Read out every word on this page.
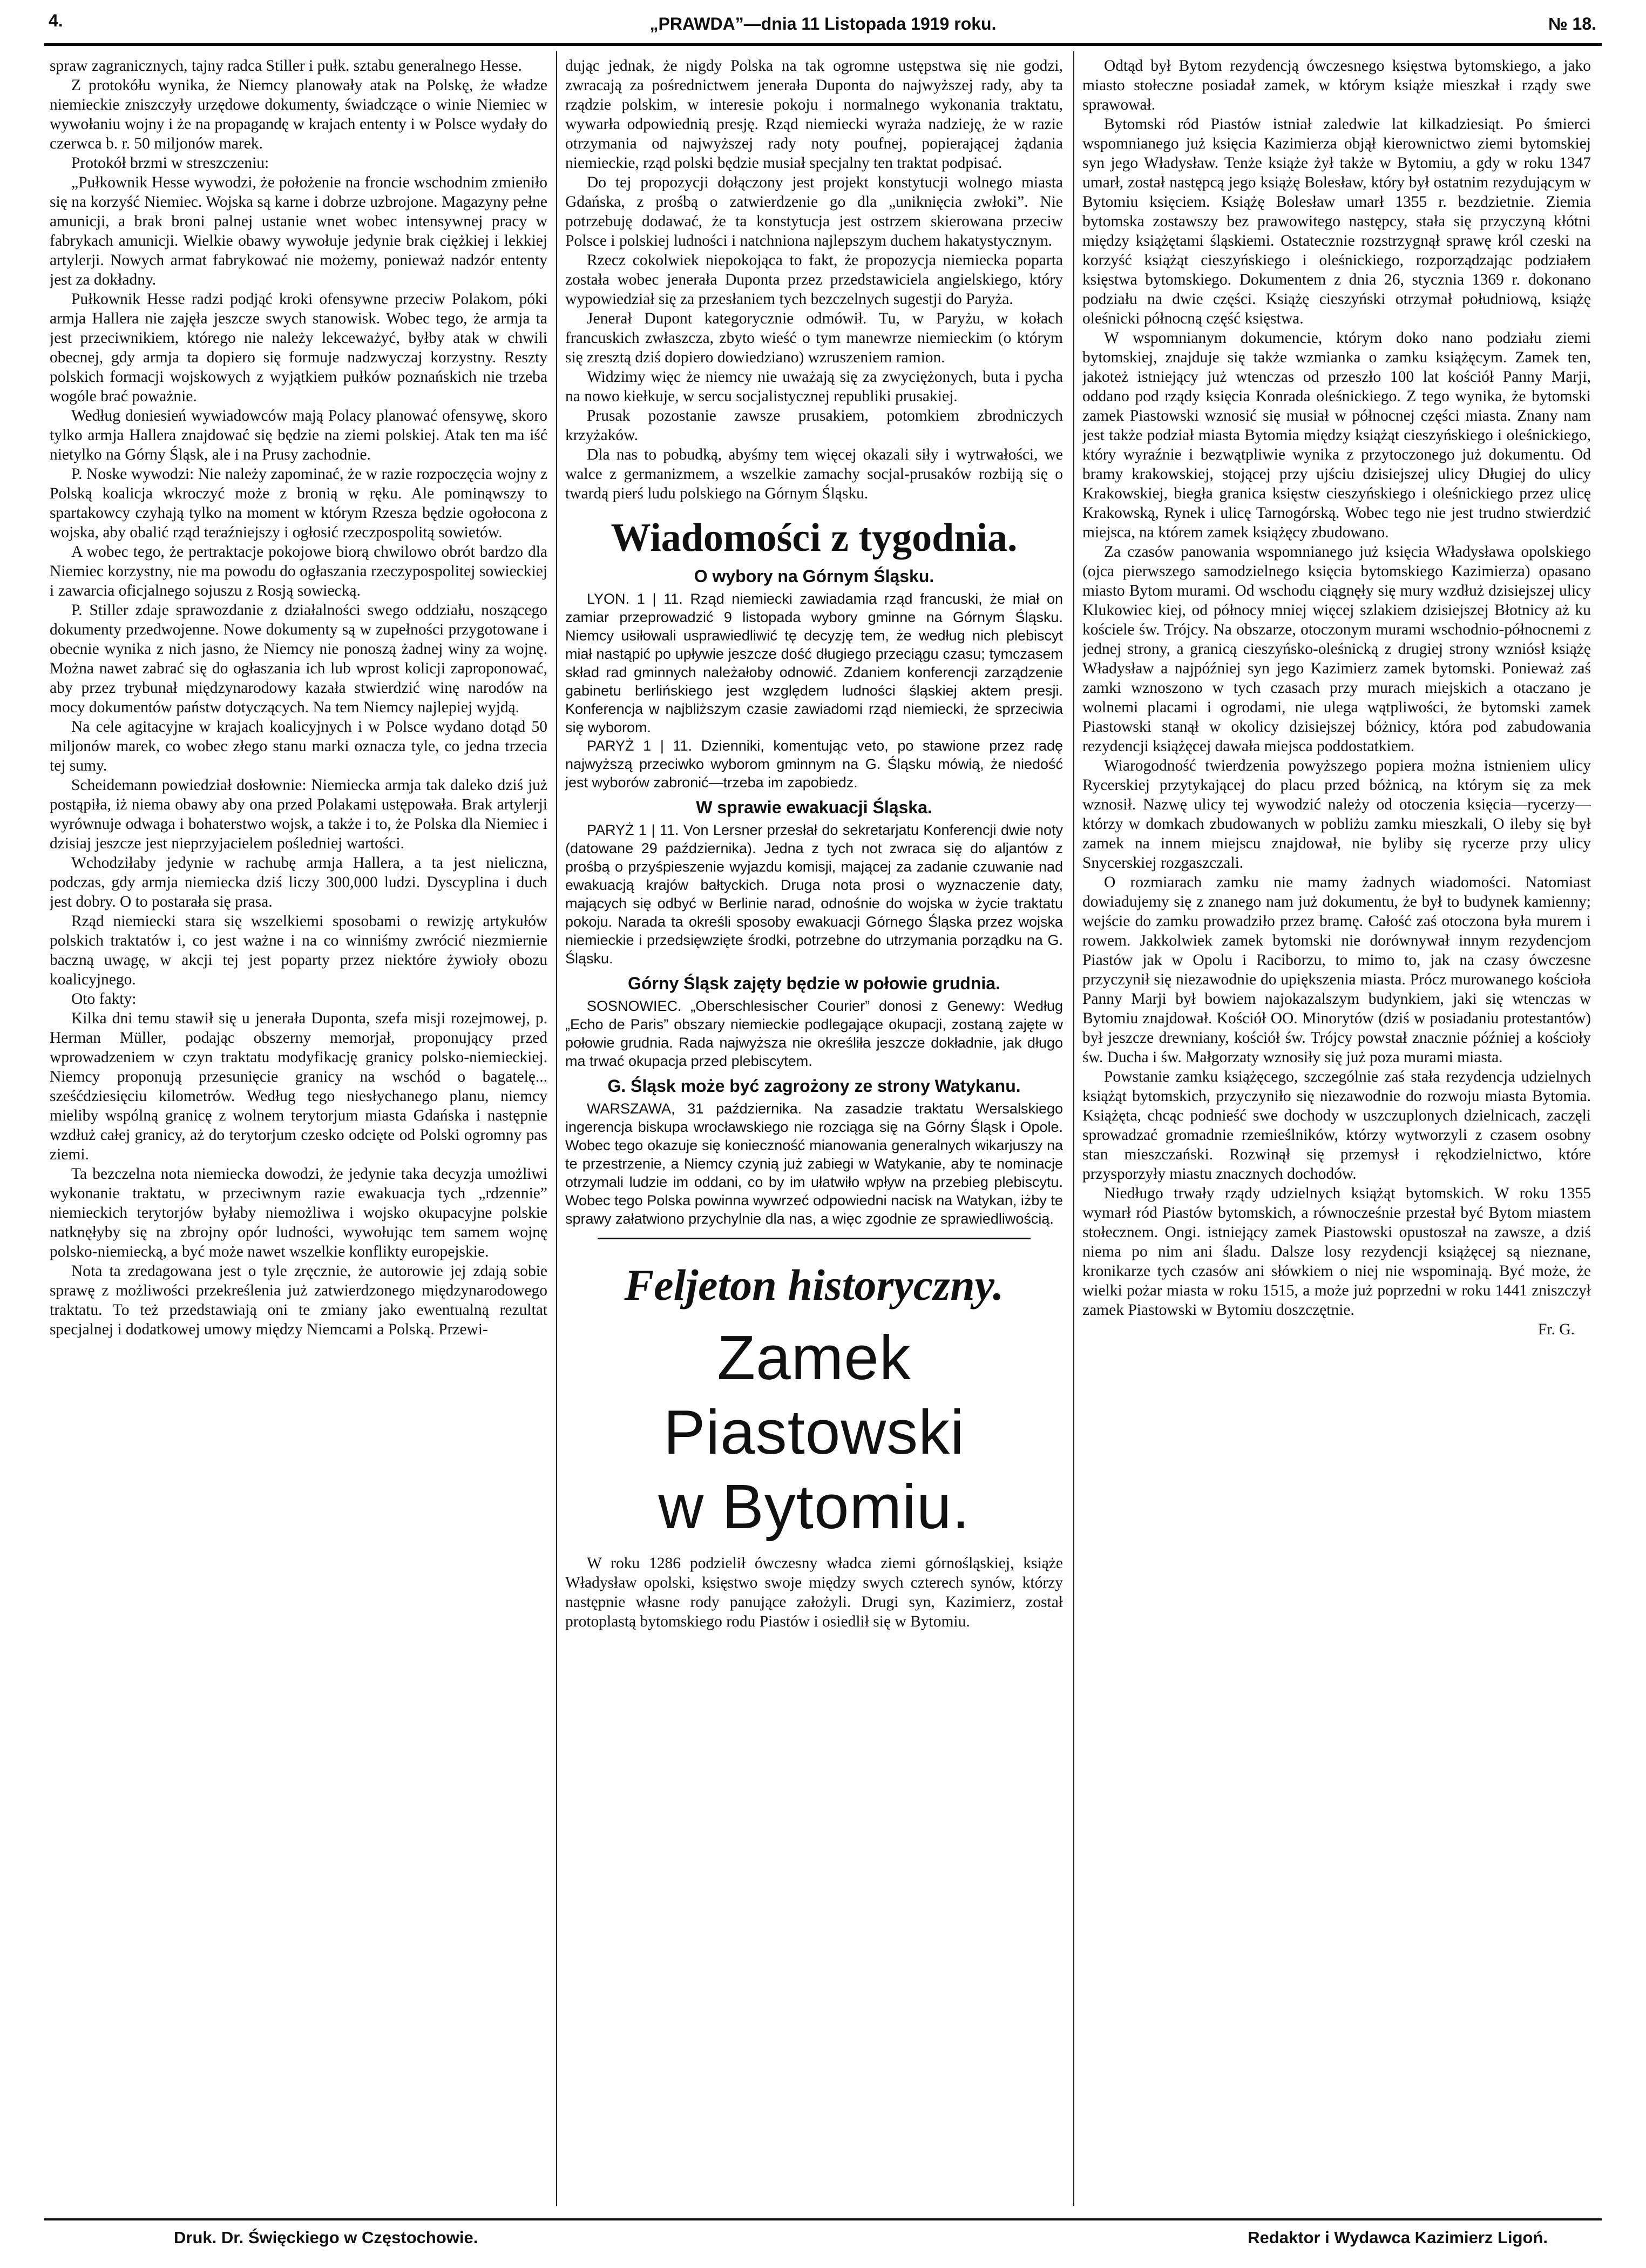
4.	„PRAWDA”—dnia 11 Listopada 1919 roku.	№ 18.

spraw zagranicznych, tajny radca Stiller i pułk. sztabu generalnego Hesse.

Z protokółu wynika, że Niemcy planowały atak na Polskę, że władze niemieckie zniszczyły urzędowe dokumenty, świadczące o winie Niemiec w wywołaniu wojny i że na propagandę w krajach ententy i w Polsce wydały do czerwca b. r. 50 miljonów marek.

Protokół brzmi w streszczeniu:

„Pułkownik Hesse wywodzi, że położenie na froncie wschodnim zmieniło się na korzyść Niemiec. Wojska są karne i dobrze uzbrojone. Magazyny pełne amunicji, a brak broni palnej ustanie wnet wobec intensywnej pracy w fabrykach amunicji. Wielkie obawy wywołuje jedynie brak ciężkiej i lekkiej artylerji. Nowych armat fabrykować nie możemy, ponieważ nadzór ententy jest za dokładny.

Pułkownik Hesse radzi podjąć kroki ofensywne przeciw Polakom, póki armja Hallera nie zajęła jeszcze swych stanowisk. Wobec tego, że armja ta jest przeciwnikiem, którego nie należy lekceważyć, byłby atak w chwili obecnej, gdy armja ta dopiero się formuje nadzwyczaj korzystny. Reszty polskich formacji wojskowych z wyjątkiem pułków poznańskich nie trzeba wogóle brać poważnie.

Według doniesień wywiadowców mają Polacy planować ofensywę, skoro tylko armja Hallera znajdować się będzie na ziemi polskiej. Atak ten ma iść nietylko na Górny Śląsk, ale i na Prusy zachodnie.

P. Noske wywodzi: Nie należy zapominać, że w razie rozpoczęcia wojny z Polską koalicja wkroczyć może z bronią w ręku. Ale pominąwszy to spartakowcy czyhają tylko na moment w którym Rzesza będzie ogołocona z wojska, aby obalić rząd teraźniejszy i ogłosić rzeczpospolitą sowietów.

A wobec tego, że pertraktacje pokojowe biorą chwilowo obrót bardzo dla Niemiec korzystny, nie ma powodu do ogłaszania rzeczypospolitej sowieckiej i zawarcia oficjalnego sojuszu z Rosją sowiecką.

P. Stiller zdaje sprawozdanie z działalności swego oddziału, noszącego dokumenty przedwojenne. Nowe dokumenty są w zupełności przygotowane i obecnie wynika z nich jasno, że Niemcy nie ponoszą żadnej winy za wojnę. Można nawet zabrać się do ogłaszania ich lub wprost kolicji zaproponować, aby przez trybunał międzynarodowy kazała stwierdzić winę narodów na mocy dokumentów państw dotyczących. Na tem Niemcy najlepiej wyjdą.

Na cele agitacyjne w krajach koalicyjnych i w Polsce wydano dotąd 50 miljonów marek, co wobec złego stanu marki oznacza tyle, co jedna trzecia tej sumy.

Scheidemann powiedział dosłownie: Niemiecka armja tak daleko dziś już postąpiła, iż niema obawy aby ona przed Polakami ustępowała. Brak artylerji wyrównuje odwaga i bohaterstwo wojsk, a także i to, że Polska dla Niemiec i dzisiaj jeszcze jest nieprzyjacielem pośledniej wartości.

Wchodziłaby jedynie w rachubę armja Hallera, a ta jest nieliczna, podczas, gdy armja niemiecka dziś liczy 300,000 ludzi. Dyscyplina i duch jest dobry. O to postarała się prasa.

Rząd niemiecki stara się wszelkiemi sposobami o rewizję artykułów polskich traktatów i, co jest ważne i na co winniśmy zwrócić niezmiernie baczną uwagę, w akcji tej jest poparty przez niektóre żywioły obozu koalicyjnego.

Oto fakty:

Kilka dni temu stawił się u jenerała Duponta, szefa misji rozejmowej, p. Herman Müller, podając obszerny memorjał, proponujący przed wprowadzeniem w czyn traktatu modyfikację granicy polsko-niemieckiej. Niemcy proponują przesunięcie granicy na wschód o bagatelę... sześćdziesięciu kilometrów. Według tego niesłychanego planu, niemcy mieliby wspólną granicę z wolnem terytorjum miasta Gdańska i następnie wzdłuż całej granicy, aż do terytorjum czesko odcięte od Polski ogromny pas ziemi.

Ta bezczelna nota niemiecka dowodzi, że jedynie taka decyzja umożliwi wykonanie traktatu, w przeciwnym razie ewakuacja tych „rdzennie” niemieckich terytorjów byłaby niemożliwa i wojsko okupacyjne polskie natknęłyby się na zbrojny opór ludności, wywołując tem samem wojnę polsko-niemiecką, a być może nawet wszelkie konflikty europejskie.

Nota ta zredagowana jest o tyle zręcznie, że autorowie jej zdają sobie sprawę z możliwości przekreślenia już zatwierdzonego międzynarodowego traktatu. To też przedstawiają oni te zmiany jako ewentualną rezultat specjalnej i dodatkowej umowy między Niemcami a Polską. Przewi-

dując jednak, że nigdy Polska na tak ogromne ustępstwa się nie godzi, zwracają za pośrednictwem jenerała Duponta do najwyższej rady, aby ta rządzie polskim, w interesie pokoju i normalnego wykonania traktatu, wywarła odpowiednią presję. Rząd niemiecki wyraża nadzieję, że w razie otrzymania od najwyższej rady noty poufnej, popierającej żądania niemieckie, rząd polski będzie musiał specjalny ten traktat podpisać.

Do tej propozycji dołączony jest projekt konstytucji wolnego miasta Gdańska, z prośbą o zatwierdzenie go dla „uniknięcia zwłoki”. Nie potrzebuję dodawać, że ta konstytucja jest ostrzem skierowana przeciw Polsce i polskiej ludności i natchniona najlepszym duchem hakatystycznym.

Rzecz cokolwiek niepokojąca to fakt, że propozycja niemiecka poparta została wobec jenerała Duponta przez przedstawiciela angielskiego, który wypowiedział się za przesłaniem tych bezczelnych sugestji do Paryża.

Jenerał Dupont kategorycznie odmówił. Tu, w Paryżu, w kołach francuskich zwłaszcza, zbyto wieść o tym manewrze niemieckim (o którym się zresztą dziś dopiero dowiedziano) wzruszeniem ramion.

Widzimy więc że niemcy nie uważają się za zwyciężonych, buta i pycha na nowo kiełkuje, w sercu socjalistycznej republiki prusakiej.

Prusak pozostanie zawsze prusakiem, potomkiem zbrodniczych krzyżaków.

Dla nas to pobudką, abyśmy tem więcej okazali siły i wytrwałości, we walce z germanizmem, a wszelkie zamachy socjal-prusaków rozbiją się o twardą pierś ludu polskiego na Górnym Śląsku.

Wiadomości z tygodnia.
O wybory na Górnym Śląsku.

LYON. 1 | 11. Rząd niemiecki zawiadamia rząd francuski, że miał on zamiar przeprowadzić 9 listopada wybory gminne na Górnym Śląsku. Niemcy usiłowali usprawiedliwić tę decyzję tem, że według nich plebiscyt miał nastąpić po upływie jeszcze dość długiego przeciągu czasu; tymczasem skład rad gminnych należałoby odnowić. Zdaniem konferencji zarządzenie gabinetu berlińskiego jest względem ludności śląskiej aktem presji. Konferencja w najbliższym czasie zawiadomi rząd niemiecki, że sprzeciwia się wyborom.

PARYŻ 1 | 11. Dzienniki, komentując veto, po stawione przez radę najwyższą przeciwko wyborom gminnym na G. Śląsku mówią, że niedość jest wyborów zabronić—trzeba im zapobiedz.

W sprawie ewakuacji Śląska.

PARYŻ 1 | 11. Von Lersner przesłał do sekretarjatu Konferencji dwie noty (datowane 29 października). Jedna z tych not zwraca się do aljantów z prośbą o przyśpieszenie wyjazdu komisji, mającej za zadanie czuwanie nad ewakuacją krajów bałtyckich. Druga nota prosi o wyznaczenie daty, mających się odbyć w Berlinie narad, odnośnie do wojska w życie traktatu pokoju. Narada ta określi sposoby ewakuacji Górnego Śląska przez wojska niemieckie i przedsięwzięte środki, potrzebne do utrzymania porządku na G. Śląsku.

Górny Śląsk zajęty będzie w połowie grudnia.

SOSNOWIEC. „Oberschlesischer Courier” donosi z Genewy: Według „Echo de Paris” obszary niemieckie podlegające okupacji, zostaną zajęte w połowie grudnia. Rada najwyższa nie określiła jeszcze dokładnie, jak długo ma trwać okupacja przed plebiscytem.

G. Śląsk może być zagrożony ze strony Watykanu.

WARSZAWA, 31 października. Na zasadzie traktatu Wersalskiego ingerencja biskupa wrocławskiego nie rozciąga się na Górny Śląsk i Opole. Wobec tego okazuje się konieczność mianowania generalnych wikarjuszy na te przestrzenie, a Niemcy czynią już zabiegi w Watykanie, aby te nominacje otrzymali ludzie im oddani, co by im ułatwiło wpływ na przebieg plebiscytu. Wobec tego Polska powinna wywrzeć odpowiedni nacisk na Watykan, iżby te sprawy załatwiono przychylnie dla nas, a więc zgodnie ze sprawiedliwością.

Feljeton historyczny.
Zamek Piastowski
w Bytomiu.

W roku 1286 podzielił ówczesny władca ziemi górnośląskiej, książe Władysław opolski, księstwo swoje między swych czterech synów, którzy następnie własne rody panujące założyli. Drugi syn, Kazimierz, został protoplastą bytomskiego rodu Piastów i osiedlił się w Bytomiu.

Odtąd był Bytom rezydencją ówczesnego księstwa bytomskiego, a jako miasto stołeczne posiadał zamek, w którym książe mieszkał i rządy swe sprawował.

Bytomski ród Piastów istniał zaledwie lat kilkadziesiąt. Po śmierci wspomnianego już księcia Kazimierza objął kierownictwo ziemi bytomskiej syn jego Władysław. Tenże książe żył także w Bytomiu, a gdy w roku 1347 umarł, został następcą jego książę Bolesław, który był ostatnim rezydującym w Bytomiu księciem. Książę Bolesław umarł 1355 r. bezdzietnie. Ziemia bytomska zostawszy bez prawowitego następcy, stała się przyczyną kłótni między książętami śląskiemi. Ostatecznie rozstrzygnął sprawę król czeski na korzyść książąt cieszyńskiego i oleśnickiego, rozporządzając podziałem księstwa bytomskiego. Dokumentem z dnia 26, stycznia 1369 r. dokonano podziału na dwie części. Książę cieszyński otrzymał południową, książę oleśnicki północną część księstwa.

W wspomnianym dokumencie, którym doko nano podziału ziemi bytomskiej, znajduje się także wzmianka o zamku książęcym. Zamek ten, jakoteż istniejący już wtenczas od przeszło 100 lat kościół Panny Marji, oddano pod rządy księcia Konrada oleśnickiego. Z tego wynika, że bytomski zamek Piastowski wznosić się musiał w północnej części miasta. Znany nam jest także podział miasta Bytomia między książąt cieszyńskiego i oleśnickiego, który wyraźnie i bezwątpliwie wynika z przytoczonego już dokumentu. Od bramy krakowskiej, stojącej przy ujściu dzisiejszej ulicy Długiej do ulicy Krakowskiej, biegła granica księstw cieszyńskiego i oleśnickiego przez ulicę Krakowską, Rynek i ulicę Tarnogórską. Wobec tego nie jest trudno stwierdzić miejsca, na którem zamek książęcy zbudowano.

Za czasów panowania wspomnianego już księcia Władysława opolskiego (ojca pierwszego samodzielnego księcia bytomskiego Kazimierza) opasano miasto Bytom murami. Od wschodu ciągnęły się mury wzdłuż dzisiejszej ulicy Klukowiec kiej, od północy mniej więcej szlakiem dzisiejszej Błotnicy aż ku kościele św. Trójcy. Na obszarze, otoczonym murami wschodnio-północnemi z jednej strony, a granicą cieszyńsko-oleśnicką z drugiej strony wzniósł książę Władysław a najpóźniej syn jego Kazimierz zamek bytomski. Ponieważ zaś zamki wznoszono w tych czasach przy murach miejskich a otaczano je wolnemi placami i ogrodami, nie ulega wątpliwości, że bytomski zamek Piastowski stanął w okolicy dzisiejszej bóżnicy, która pod zabudowania rezydencji książęcej dawała miejsca poddostatkiem.

Wiarogodność twierdzenia powyższego popiera można istnieniem ulicy Rycerskiej przytykającej do placu przed bóżnicą, na którym się za mek wznosił. Nazwę ulicy tej wywodzić należy od otoczenia księcia—rycerzy—którzy w domkach zbudowanych w pobliżu zamku mieszkali, O ileby się był zamek na innem miejscu znajdował, nie byliby się rycerze przy ulicy Snycerskiej rozgaszczali.

O rozmiarach zamku nie mamy żadnych wiadomości. Natomiast dowiadujemy się z znanego nam już dokumentu, że był to budynek kamienny; wejście do zamku prowadziło przez bramę. Całość zaś otoczona była murem i rowem. Jakkolwiek zamek bytomski nie dorównywał innym rezydencjom Piastów jak w Opolu i Raciborzu, to mimo to, jak na czasy ówczesne przyczynił się niezawodnie do upiększenia miasta. Prócz murowanego kościoła Panny Marji był bowiem najokazalszym budynkiem, jaki się wtenczas w Bytomiu znajdował. Kościół OO. Minorytów (dziś w posiadaniu protestantów) był jeszcze drewniany, kościół św. Trójcy powstał znacznie później a kościoły św. Ducha i św. Małgorzaty wznosiły się już poza murami miasta.

Powstanie zamku książęcego, szczególnie zaś stała rezydencja udzielnych książąt bytomskich, przyczyniło się niezawodnie do rozwoju miasta Bytomia. Książęta, chcąc podnieść swe dochody w uszczuplonych dzielnicach, zaczęli sprowadzać gromadnie rzemieślników, którzy wytworzyli z czasem osobny stan mieszczański. Rozwinął się przemysł i rękodzielnictwo, które przysporzyły miastu znacznych dochodów.

Niedługo trwały rządy udzielnych książąt bytomskich. W roku 1355 wymarł ród Piastów bytomskich, a równocześnie przestał być Bytom miastem stołecznem. Ongi. istniejący zamek Piastowski opustoszał na zawsze, a dziś niema po nim ani śladu. Dalsze losy rezydencji książęcej są nieznane, kronikarze tych czasów ani słówkiem o niej nie wspominają. Być może, że wielki pożar miasta w roku 1515, a może już poprzedni w roku 1441 zniszczył zamek Piastowski w Bytomiu doszczętnie.

Fr. G.
Druk. Dr. Święckiego w Częstochowie.	Redaktor i Wydawca Kazimierz Ligoń.
